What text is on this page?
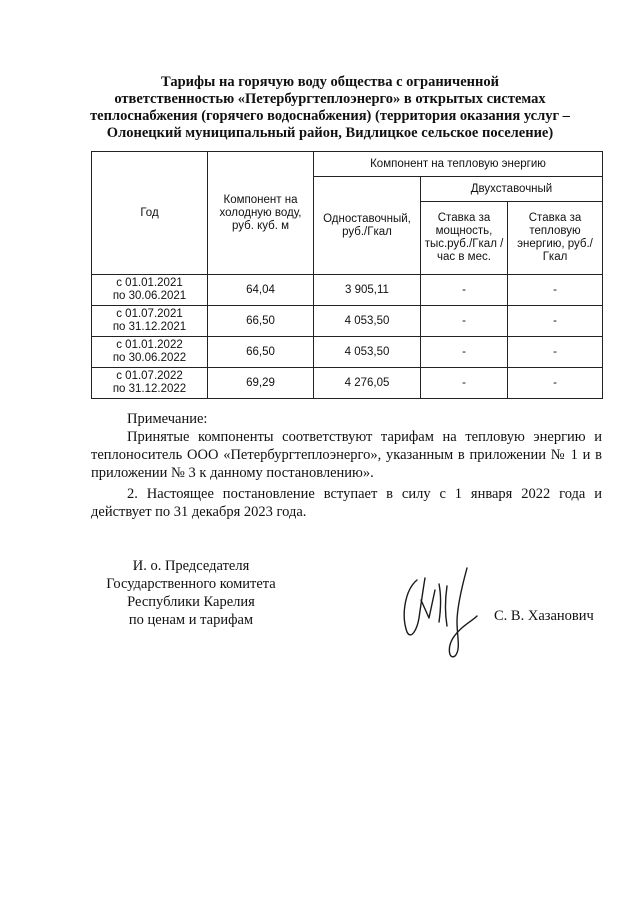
Тарифы на горячую воду общества с ограниченной
ответственностью «Петербургтеплоэнерго» в открытых системах
теплоснабжения (горячего водоснабжения) (территория оказания услуг –
Олонецкий муниципальный район, Видлицкое сельское поселение)
Год	Компонент на холодную воду, руб. куб. м	Компонент на тепловую энергию		
		Одноставочный, руб./Гкал	Двухставочный	
			Ставка за мощность, тыс.руб./Гкал / час в мес.	Ставка за тепловую энергию, руб./Гкал

с 01.01.2021
по 30.06.2021	64,04	3 905,11	-	-

с 01.07.2021
по 31.12.2021	66,50	4 053,50	-	-

с 01.01.2022
по 30.06.2022	66,50	4 053,50	-	-

с 01.07.2022
по 31.12.2022	69,29	4 276,05	-	-
Примечание:
Принятые компоненты соответствуют тарифам на тепловую энергию и теплоноситель ООО «Петербургтеплоэнерго», указанным в приложении № 1 и в приложении № 3 к данному постановлению».
2. Настоящее постановление вступает в силу с 1 января 2022 года и действует по 31 декабря 2023 года.
И. о. Председателя
Государственного комитета
Республики Карелия
по ценам и тарифам	С. В. Хазанович
